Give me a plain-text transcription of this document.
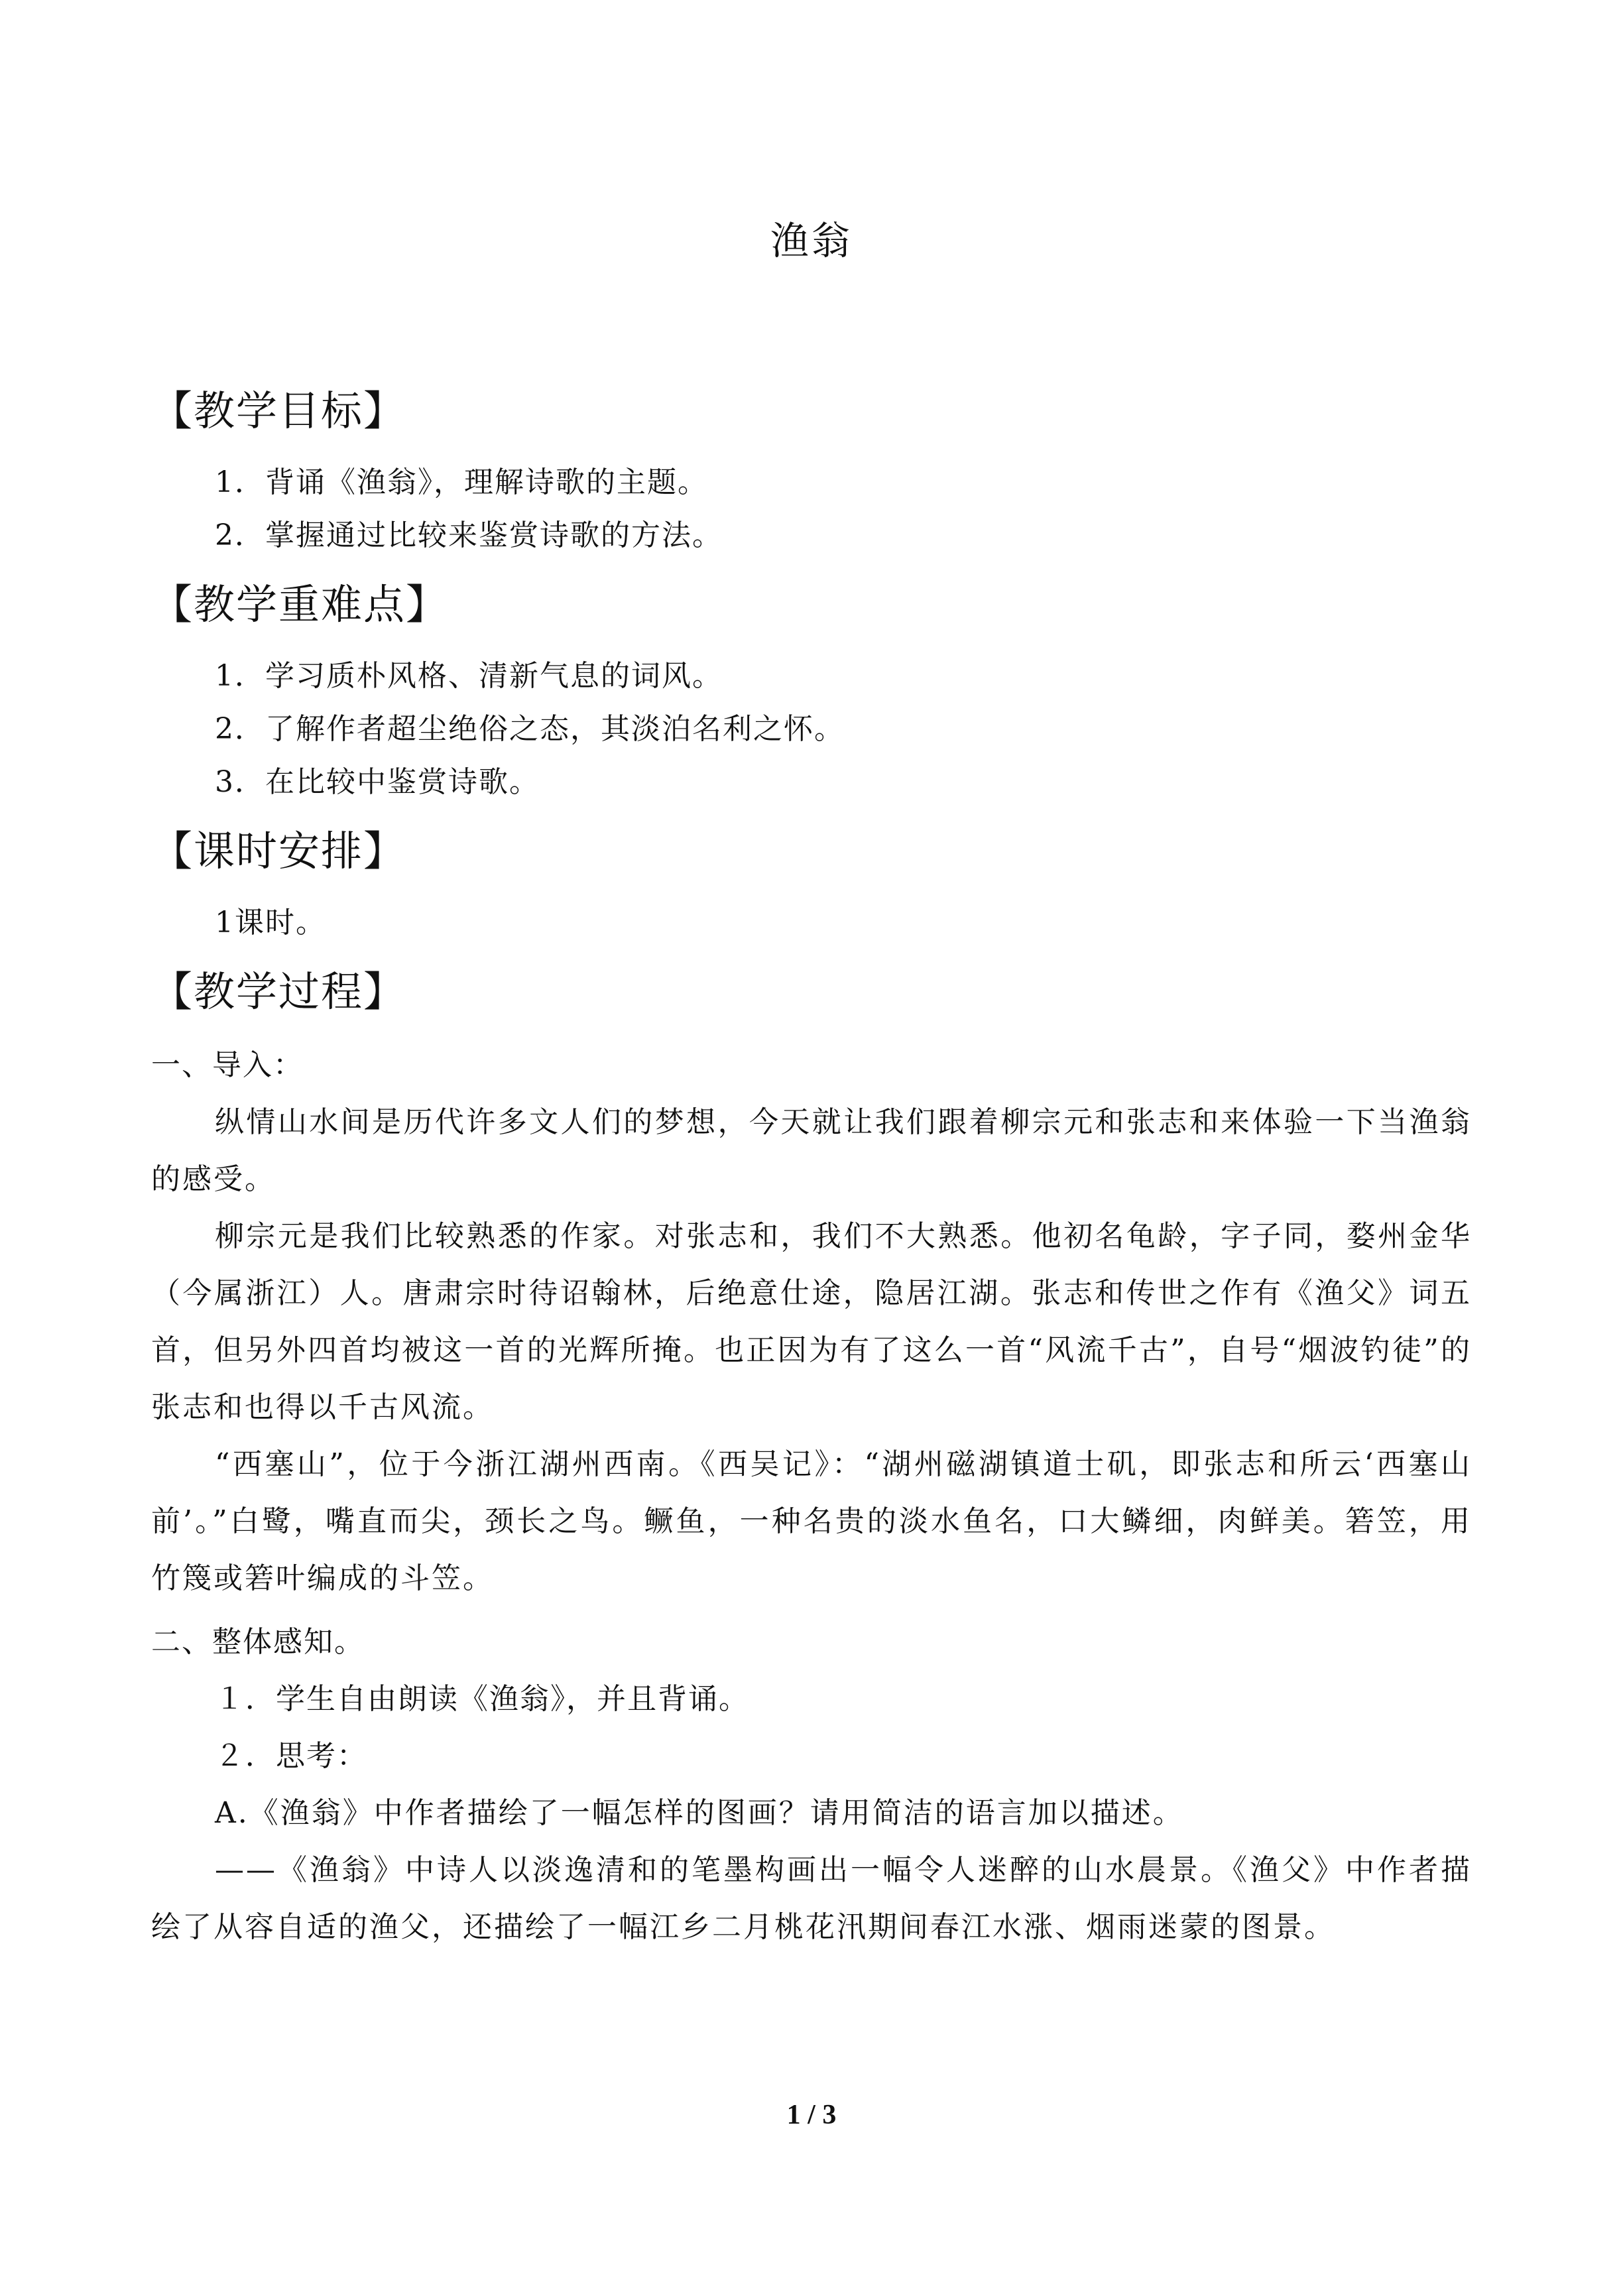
渔翁
【教学目标】
1．背诵《渔翁》，理解诗歌的主题。
2．掌握通过比较来鉴赏诗歌的方法。
【教学重难点】
1．学习质朴风格、清新气息的词风。
2．了解作者超尘绝俗之态，其淡泊名利之怀。
3．在比较中鉴赏诗歌。
【课时安排】
1课时。
【教学过程】
一、导入：
纵情山水间是历代许多文人们的梦想，今天就让我们跟着柳宗元和张志和来体验一下当渔翁的感受。
柳宗元是我们比较熟悉的作家。对张志和，我们不大熟悉。他初名龟龄，字子同，婺州金华（今属浙江）人。唐肃宗时待诏翰林，后绝意仕途，隐居江湖。张志和传世之作有《渔父》词五首，但另外四首均被这一首的光辉所掩。也正因为有了这么一首“风流千古”，自号“烟波钓徒”的张志和也得以千古风流。
“西塞山”，位于今浙江湖州西南。《西吴记》：“湖州磁湖镇道士矶，即张志和所云‘西塞山前’。”白鹭，嘴直而尖，颈长之鸟。鳜鱼，一种名贵的淡水鱼名，口大鳞细，肉鲜美。箬笠，用竹篾或箬叶编成的斗笠。
二、整体感知。
１．学生自由朗读《渔翁》，并且背诵。
２．思考：
A.《渔翁》中作者描绘了一幅怎样的图画？请用简洁的语言加以描述。
——《渔翁》中诗人以淡逸清和的笔墨构画出一幅令人迷醉的山水晨景。《渔父》中作者描绘了从容自适的渔父，还描绘了一幅江乡二月桃花汛期间春江水涨、烟雨迷蒙的图景。
1 / 3
